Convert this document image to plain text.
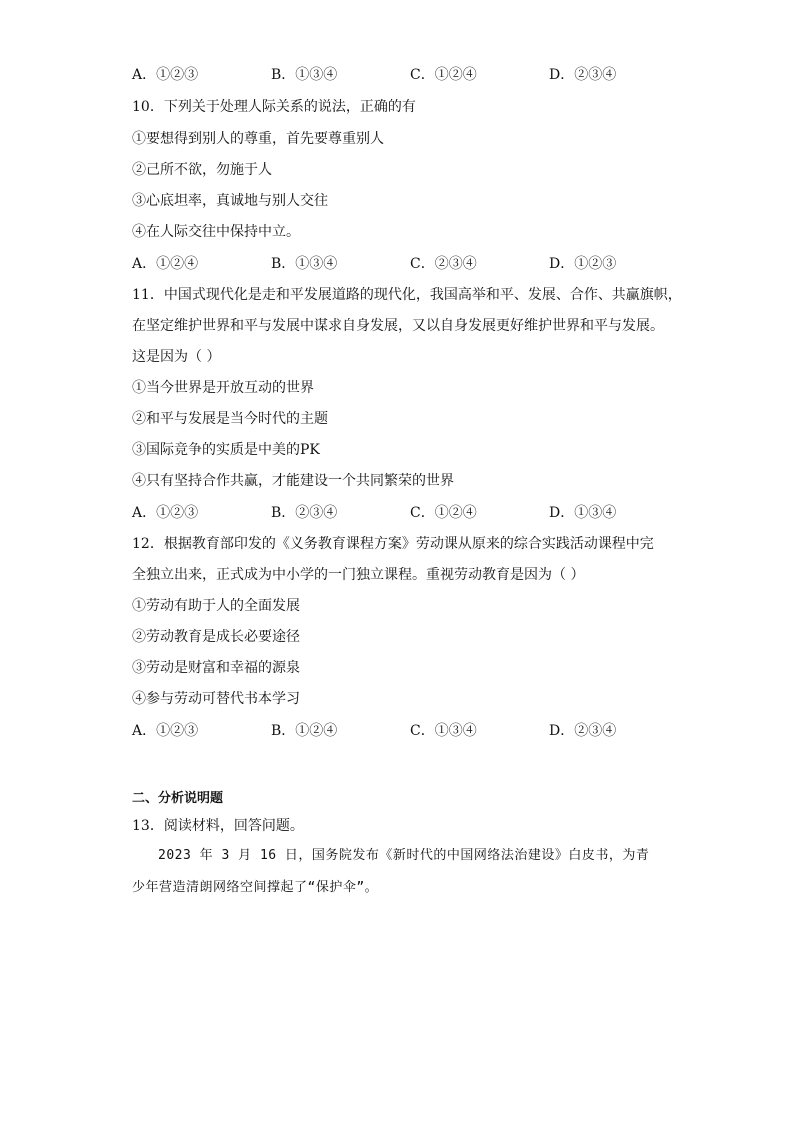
A．①②③	B．①③④	C．①②④	D．②③④
10．下列关于处理人际关系的说法，正确的有
①要想得到别人的尊重，首先要尊重别人
②己所不欲，勿施于人
③心底坦率，真诚地与别人交往
④在人际交往中保持中立。
A．①②④	B．①③④	C．②③④	D．①②③
11．中国式现代化是走和平发展道路的现代化，我国高举和平、发展、合作、共赢旗帜，
在坚定维护世界和平与发展中谋求自身发展，又以自身发展更好维护世界和平与发展。
这是因为（ ）
①当今世界是开放互动的世界
②和平与发展是当今时代的主题
③国际竞争的实质是中美的PK
④只有坚持合作共赢，才能建设一个共同繁荣的世界
A．①②③	B．②③④	C．①②④	D．①③④
12．根据教育部印发的《义务教育课程方案》劳动课从原来的综合实践活动课程中完
全独立出来，正式成为中小学的一门独立课程。重视劳动教育是因为（ ）
①劳动有助于人的全面发展
②劳动教育是成长必要途径
③劳动是财富和幸福的源泉
④参与劳动可替代书本学习
A．①②③	B．①②④	C．①③④	D．②③④
二、分析说明题
13．阅读材料，回答问题。
2023 年 3 月 16 日，国务院发布《新时代的中国网络法治建设》白皮书，为青少年营造清朗网络空间撑起了“保护伞”。
